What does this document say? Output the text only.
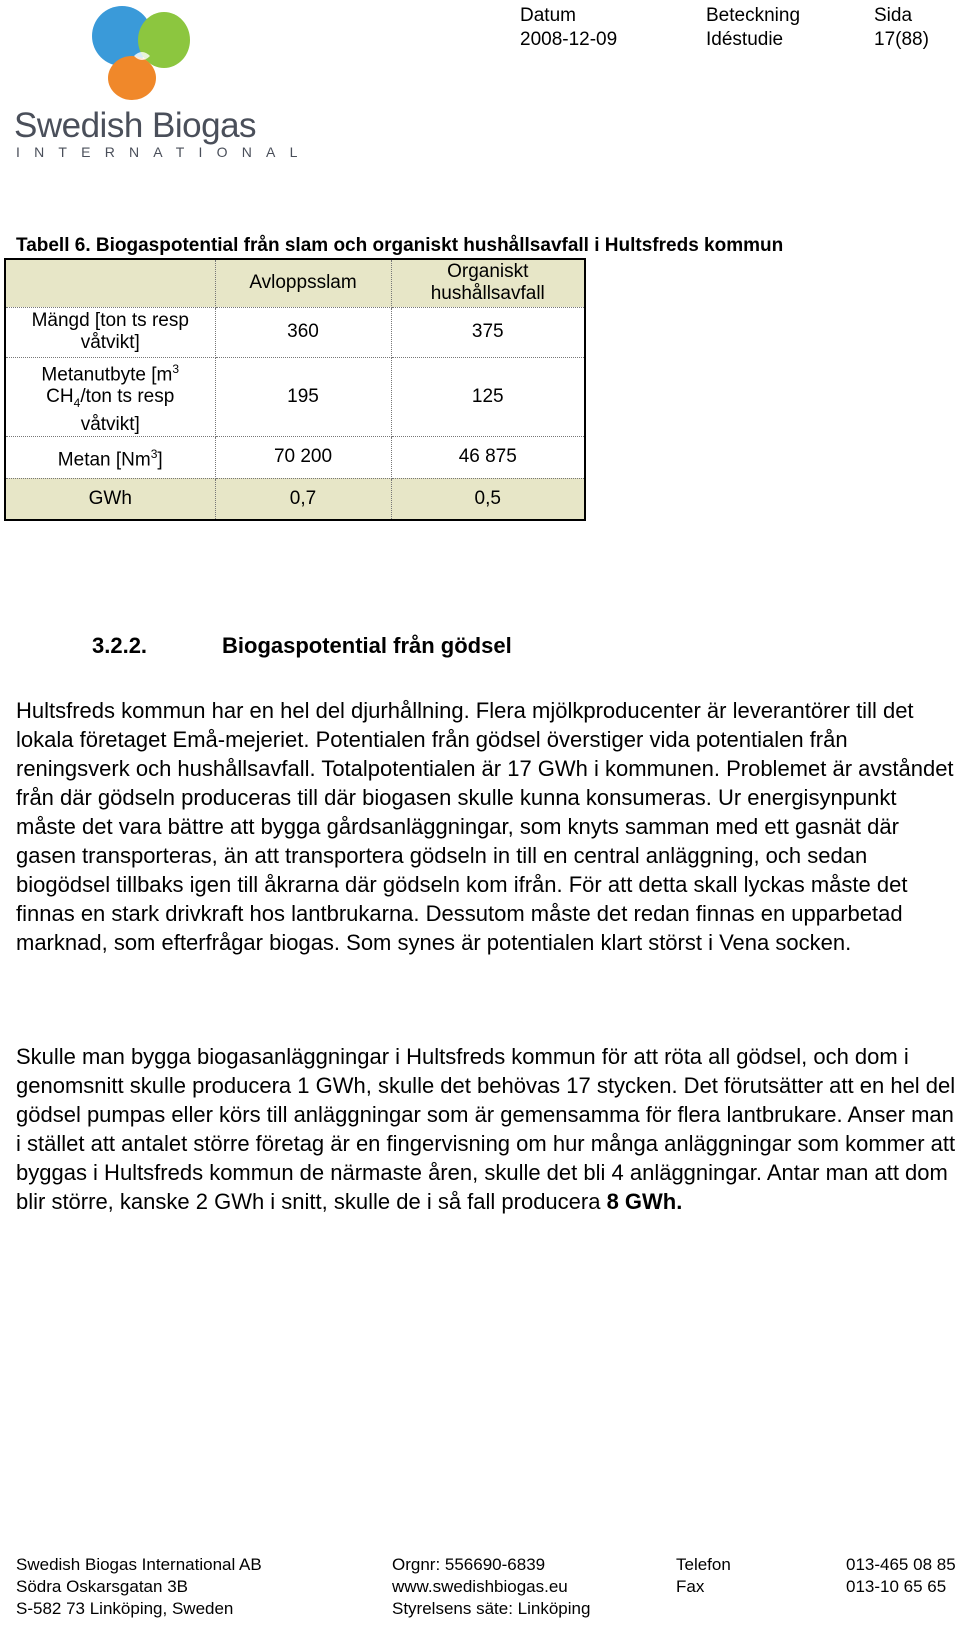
Swedish Biogas
INTERNATIONAL
Datum
2008-12-09
Beteckning
Idéstudie
Sida
17(88)
Tabell 6. Biogaspotential från slam och organiskt hushållsavfall i Hultsfreds kommun
	Avloppsslam	Organiskt
hushållsavfall

Mängd [ton ts resp
våtvikt]	360	375

Metanutbyte [$m^3$
$CH_4$/ton ts resp
våtvikt]	195	125
Metan [Nm$^3$]	70 200	46 875
GWh	0,7	0,5
3.2.2.	Biogaspotential från gödsel
Hultsfreds kommun har en hel del djurhållning. Flera mjölkproducenter är leverantörer till det lokala företaget Emå-mejeriet. Potentialen från gödsel överstiger vida potentialen från reningsverk och hushållsavfall. Totalpotentialen är 17 GWh i kommunen. Problemet är avståndet från där gödseln produceras till där biogasen skulle kunna konsumeras. Ur energisynpunkt måste det vara bättre att bygga gårdsanläggningar, som knyts samman med ett gasnät där gasen transporteras, än att transportera gödseln in till en central anläggning, och sedan biogödsel tillbaks igen till åkrarna där gödseln kom ifrån. För att detta skall lyckas måste det finnas en stark drivkraft hos lantbrukarna. Dessutom måste det redan finnas en upparbetad marknad, som efterfrågar biogas. Som synes är potentialen klart störst i Vena socken.
Skulle man bygga biogasanläggningar i Hultsfreds kommun för att röta all gödsel, och dom i genomsnitt skulle producera 1 GWh, skulle det behövas 17 stycken. Det förutsätter att en hel del gödsel pumpas eller körs till anläggningar som är gemensamma för flera lantbrukare. Anser man i stället att antalet större företag är en fingervisning om hur många anläggningar som kommer att byggas i Hultsfreds kommun de närmaste åren, skulle det bli 4 anläggningar. Antar man att dom blir större, kanske 2 GWh i snitt, skulle de i så fall producera 8 GWh.
Swedish Biogas International AB
Södra Oskarsgatan 3B
S-582 73 Linköping, Sweden
Orgnr: 556690-6839
www.swedishbiogas.eu
Styrelsens säte: Linköping
Telefon
Fax
013-465 08 85
013-10 65 65
